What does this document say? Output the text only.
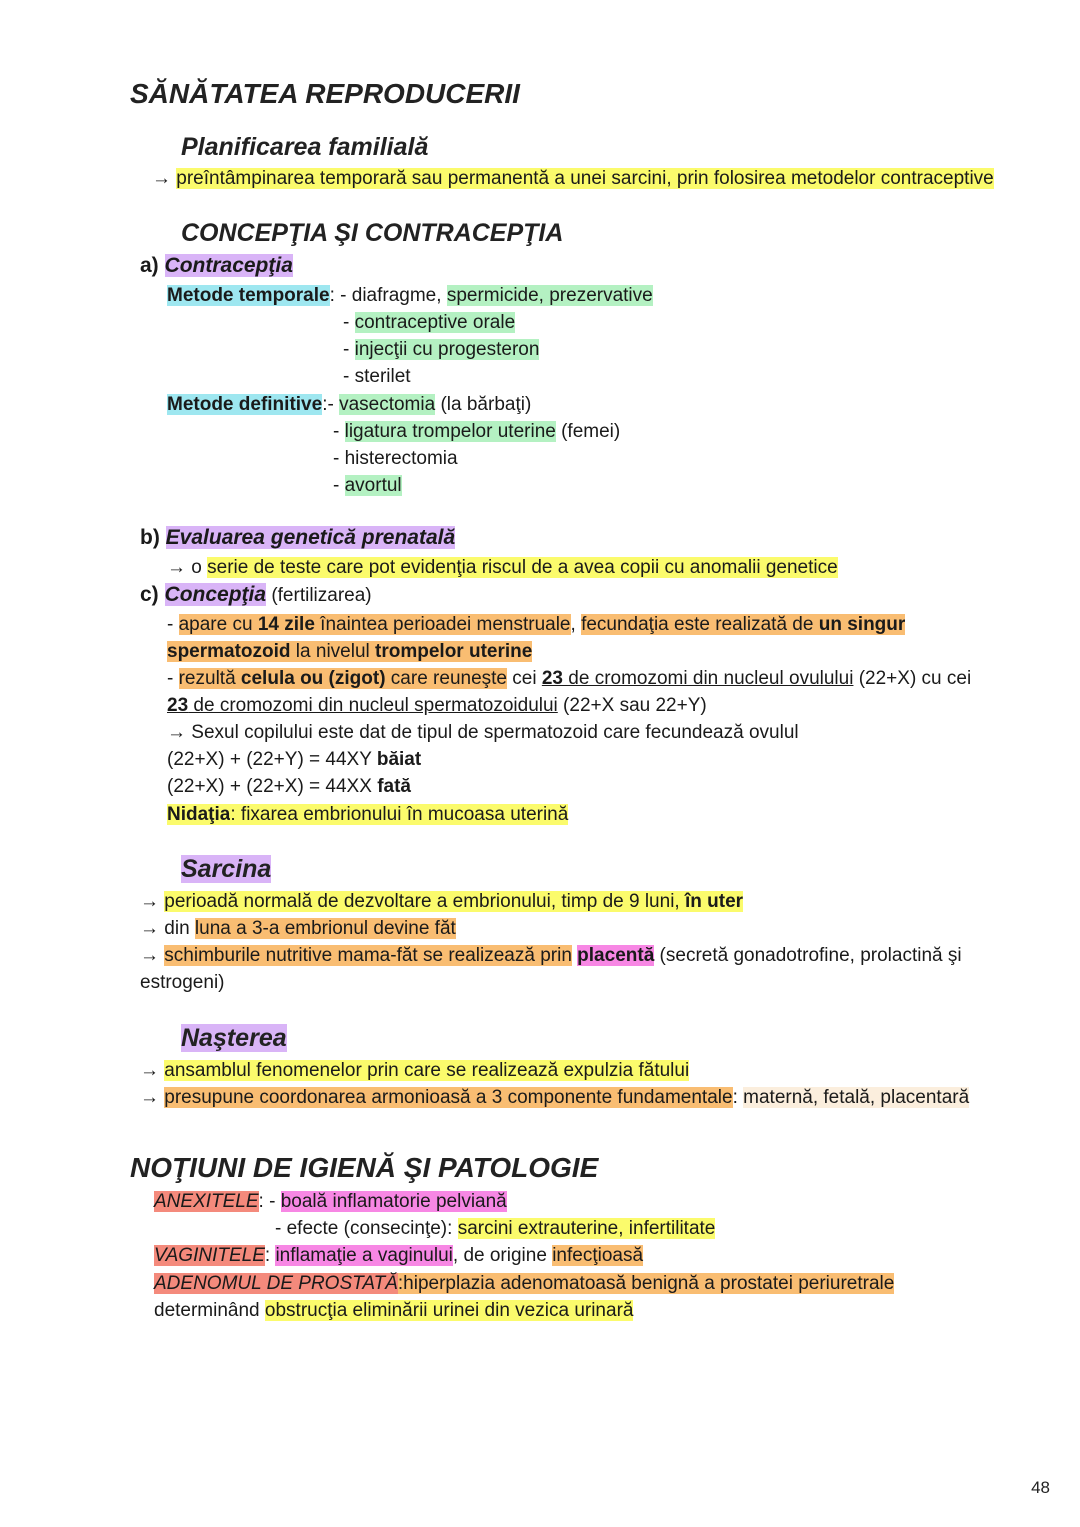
SĂNĂTATEA REPRODUCERII
Planificarea familială
→ preîntâmpinarea temporară sau permanentă a unei sarcini, prin folosirea metodelor contraceptive
CONCEPŢIA ŞI CONTRACEPŢIA
a) Contracepţia
Metode temporale: - diafragme, spermicide, prezervative
- contraceptive orale
- injecţii cu progesteron
- sterilet
Metode definitive:- vasectomia (la bărbaţi)
- ligatura trompelor uterine (femei)
- histerectomia
- avortul
b) Evaluarea genetică prenatală
→ o serie de teste care pot evidenţia riscul de a avea copii cu anomalii genetice
c) Concepţia (fertilizarea)
- apare cu 14 zile înaintea perioadei menstruale, fecundaţia este realizată de un singur
spermatozoid la nivelul trompelor uterine
- rezultă celula ou (zigot) care reuneşte cei 23 de cromozomi din nucleul ovulului (22+X) cu cei
23 de cromozomi din nucleul spermatozoidului (22+X sau 22+Y)
→ Sexul copilului este dat de tipul de spermatozoid care fecundează ovulul
(22+X) + (22+Y) = 44XY băiat
(22+X) + (22+X) = 44XX fată
Nidaţia: fixarea embrionului în mucoasa uterină
Sarcina
→ perioadă normală de dezvoltare a embrionului, timp de 9 luni, în uter
→ din luna a 3-a embrionul devine făt
→ schimburile nutritive mama-făt se realizează prin placentă (secretă gonadotrofine, prolactină şi
estrogeni)
Naşterea
→ ansamblul fenomenelor prin care se realizează expulzia fătului
→ presupune coordonarea armonioasă a 3 componente fundamentale: maternă, fetală, placentară
NOŢIUNI DE IGIENĂ ŞI PATOLOGIE
ANEXITELE: - boală inflamatorie pelviană
- efecte (consecinţe): sarcini extrauterine, infertilitate
VAGINITELE: inflamaţie a vaginului, de origine infecţioasă
ADENOMUL DE PROSTATĂ:hiperplazia adenomatoasă benignă a prostatei periuretrale
determinând obstrucţia eliminării urinei din vezica urinară
48
